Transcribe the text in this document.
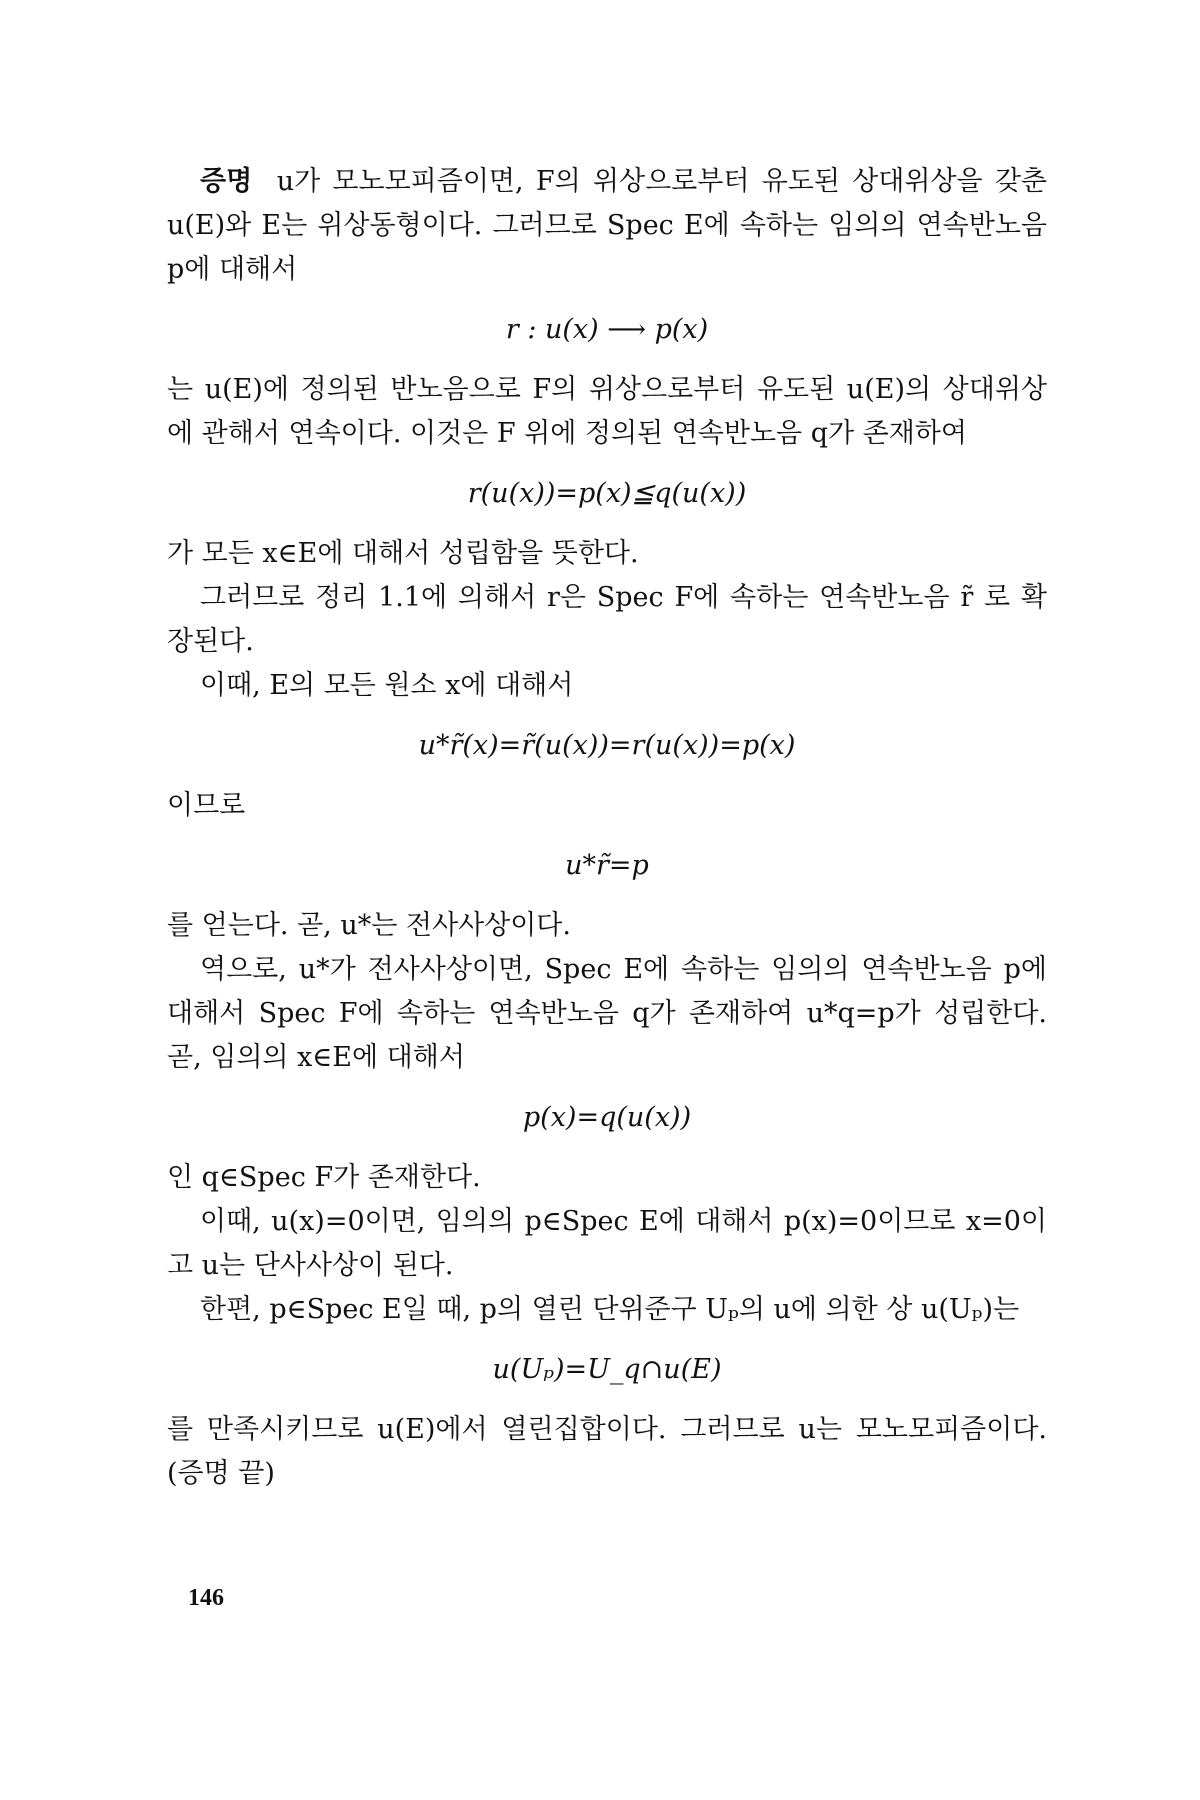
증명 u가 모노모피즘이면, F의 위상으로부터 유도된 상대위상을 갖춘 u(E)와 E는 위상동형이다. 그러므로 Spec E에 속하는 임의의 연속반노음 p에 대해서

r : u(x) ⟶ p(x)

는 u(E)에 정의된 반노음으로 F의 위상으로부터 유도된 u(E)의 상대위상에 관해서 연속이다. 이것은 F 위에 정의된 연속반노음 q가 존재하여

r(u(x))=p(x)≦q(u(x))

가 모든 x∈E에 대해서 성립함을 뜻한다.

그러므로 정리 1.1에 의해서 r은 Spec F에 속하는 연속반노음 r̃ 로 확장된다.

이때, E의 모든 원소 x에 대해서

u*r̃(x)=r̃(u(x))=r(u(x))=p(x)

이므로

u*r̃=p

를 얻는다. 곧, u*는 전사사상이다.

역으로, u*가 전사사상이면, Spec E에 속하는 임의의 연속반노음 p에 대해서 Spec F에 속하는 연속반노음 q가 존재하여 u*q=p가 성립한다. 곧, 임의의 x∈E에 대해서

p(x)=q(u(x))

인 q∈Spec F가 존재한다.

이때, u(x)=0이면, 임의의 p∈Spec E에 대해서 p(x)=0이므로 x=0이고 u는 단사사상이 된다.

한편, p∈Spec E일 때, p의 열린 단위준구 Uₚ의 u에 의한 상 u(Uₚ)는

u(Uₚ)=U_q∩u(E)

를 만족시키므로 u(E)에서 열린집합이다. 그러므로 u는 모노모피즘이다. (증명 끝)

146
